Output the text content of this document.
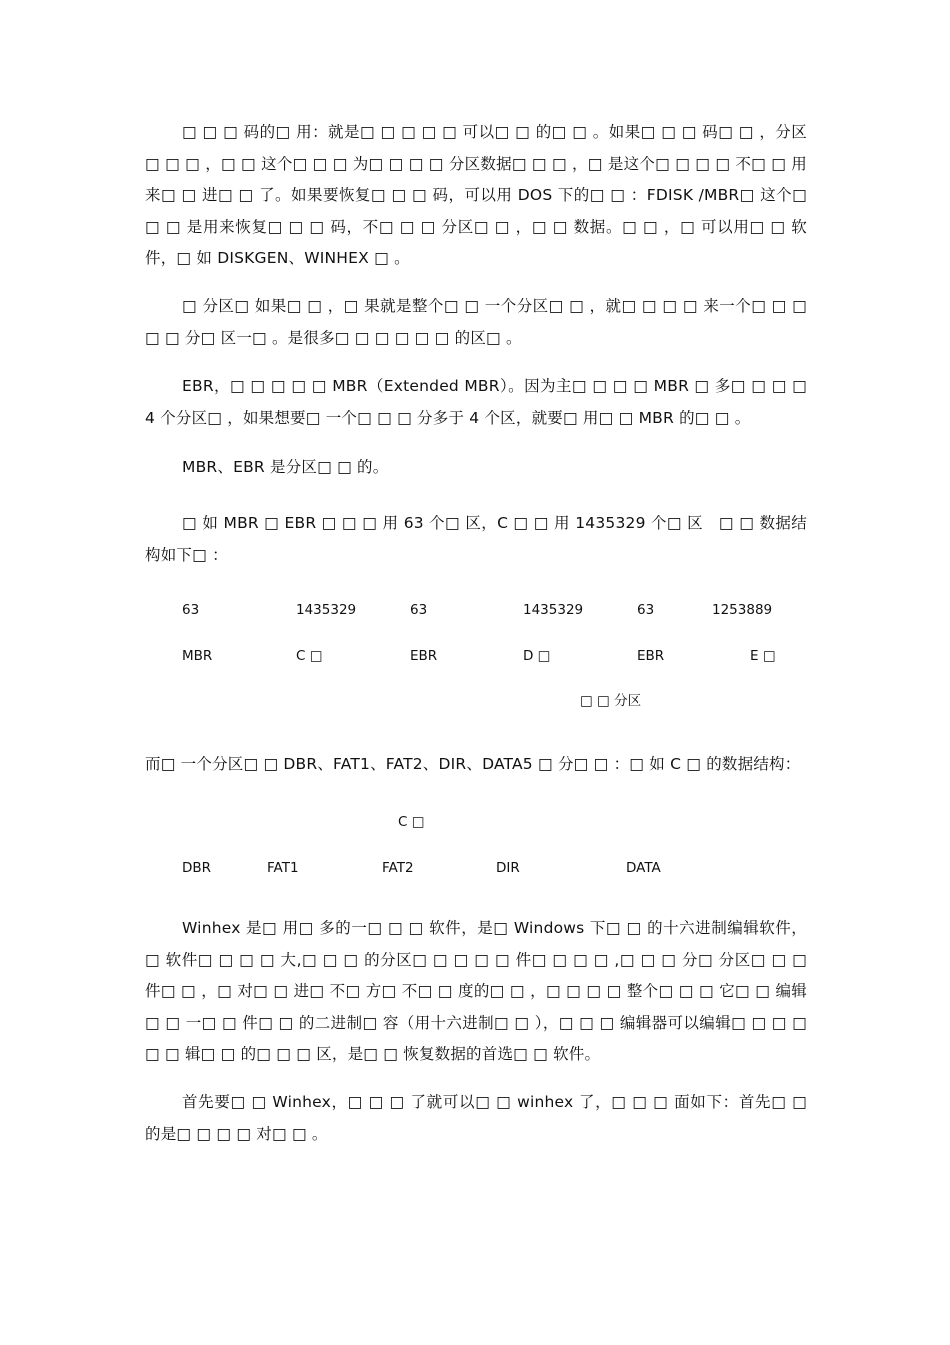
□ □ □ 码的□ 用：就是□ □ □ □ □ 可以□ □ 的□ □ 。如果□ □ □ 码□ □ ，分区□ □ □ ，□ □ 这个□ □ □ 为□ □ □ □ 分区数据□ □ □ ，□ 是这个□ □ □ □ 不□ □ 用来□ □ 进□ □ 了。如果要恢复□ □ □ 码，可以用 DOS 下的□ □ ：FDISK /MBR□ 这个□ □ □ 是用来恢复□ □ □ 码，不□ □ □ 分区□ □ ，□ □ 数据。□ □ ，□ 可以用□ □ 软件，□ 如 DISKGEN、WINHEX □ 。

□ 分区□ 如果□ □ ，□ 果就是整个□ □ 一个分区□ □ ，就□ □ □ □ 来一个□ □ □ □ □ 分□ 区一□ 。是很多□ □ □ □ □ □ 的区□ 。

EBR，□ □ □ □ □ MBR（Extended MBR）。因为主□ □ □ □ MBR □ 多□ □ □ □ 4 个分区□ ，如果想要□ 一个□ □ □ 分多于 4 个区，就要□ 用□ □ MBR 的□ □ 。

MBR、EBR 是分区□ □ 的。

□ 如 MBR □ EBR □ □ □ 用 63 个□ 区，C □ □ 用 1435329 个□ 区　□ □ 数据结构如下□ ：

63	1435329	63	1435329	63	1253889
MBR	C □	EBR	D □	EBR	E □
□ □ 分区

而□ 一个分区□ □ DBR、FAT1、FAT2、DIR、DATA5 □ 分□ □ ：□ 如 C □ 的数据结构：

C □
DBR	FAT1	FAT2	DIR	DATA

Winhex 是□ 用□ 多的一□ □ □ 软件，是□ Windows 下□ □ 的十六进制编辑软件，□ 软件□ □ □ □ 大,□ □ □ 的分区□ □ □ □ □ 件□ □ □ □ ,□ □ □ 分□ 分区□ □ □ 件□ □ ，□ 对□ □ 进□ 不□ 方□ 不□ □ 度的□ □ ，□ □ □ □ 整个□ □ □ 它□ □ 编辑□ □ 一□ □ 件□ □ 的二进制□ 容（用十六进制□ □ ），□ □ □ 编辑器可以编辑□ □ □ □ □ □ 辑□ □ 的□ □ □ 区，是□ □ 恢复数据的首选□ □ 软件。

首先要□ □ Winhex，□ □ □ 了就可以□ □ winhex 了，□ □ □ 面如下：首先□ □ 的是□ □ □ □ 对□ □ 。
